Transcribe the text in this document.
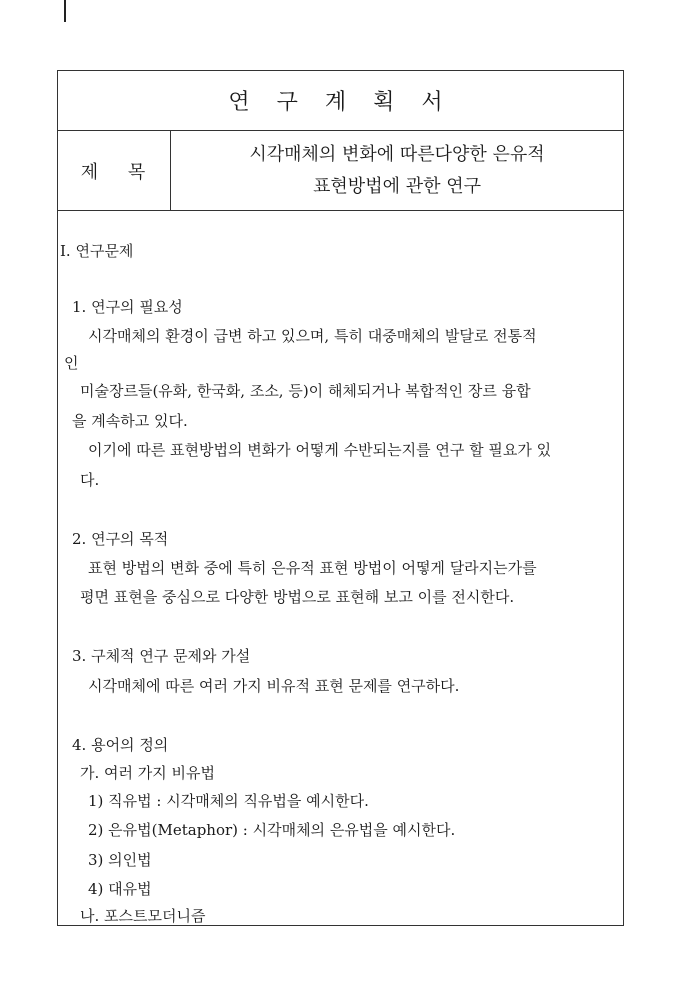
연 구 계 획 서
제 목
시각매체의 변화에 따른다양한 은유적
표현방법에 관한 연구
I. 연구문제
1. 연구의 필요성
시각매체의 환경이 급변 하고 있으며, 특히 대중매체의 발달로 전통적
인
미술장르들(유화, 한국화, 조소, 등)이 해체되거나 복합적인 장르 융합
을 계속하고 있다.
이기에 따른 표현방법의 변화가 어떻게 수반되는지를 연구 할 필요가 있
다.
2. 연구의 목적
표현 방법의 변화 중에 특히 은유적 표현 방법이 어떻게 달라지는가를
평면 표현을 중심으로 다양한 방법으로 표현해 보고 이를 전시한다.
3. 구체적 연구 문제와 가설
시각매체에 따른 여러 가지 비유적 표현 문제를 연구하다.
4. 용어의 정의
가. 여러 가지 비유법
1) 직유법 : 시각매체의 직유법을 예시한다.
2) 은유법(Metaphor) : 시각매체의 은유법을 예시한다.
3) 의인법
4) 대유법
나. 포스트모더니즘
